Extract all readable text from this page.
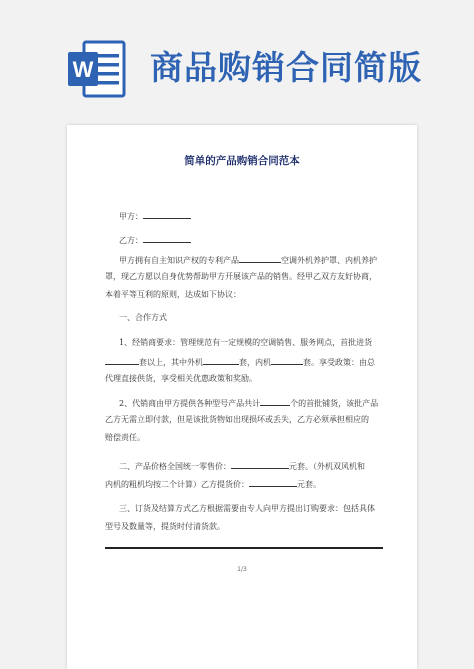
W 商品购销合同简版
简单的产品购销合同范本
甲方：
乙方：
甲方拥有自主知识产权的专利产品	空调外机养护罩、内机养护
罩，现乙方愿以自身优势帮助甲方开展该产品的销售。经甲乙双方友好协商，
本着平等互利的原则，达成如下协议：
一、合作方式
1、经销商要求：管理规范有一定规模的空调销售、服务网点，首批进货
套以上，其中外机	套，内机	套。享受政策：由总
代理直接供货，享受相关优惠政策和奖励。
2、代销商由甲方提供各种型号产品共计	个的首批铺货，该批产品
乙方无需立即付款，但是该批货物如出现损坏或丢失，乙方必须承担相应的
赔偿责任。
二、产品价格全国统一零售价：	元套。（外机双风机和
内机的粗机均按二个计算）乙方提货价：	元套。
三、订货及结算方式乙方根据需要由专人向甲方提出订购要求：包括具体
型号及数量等，提货时付清货款。
1/3
